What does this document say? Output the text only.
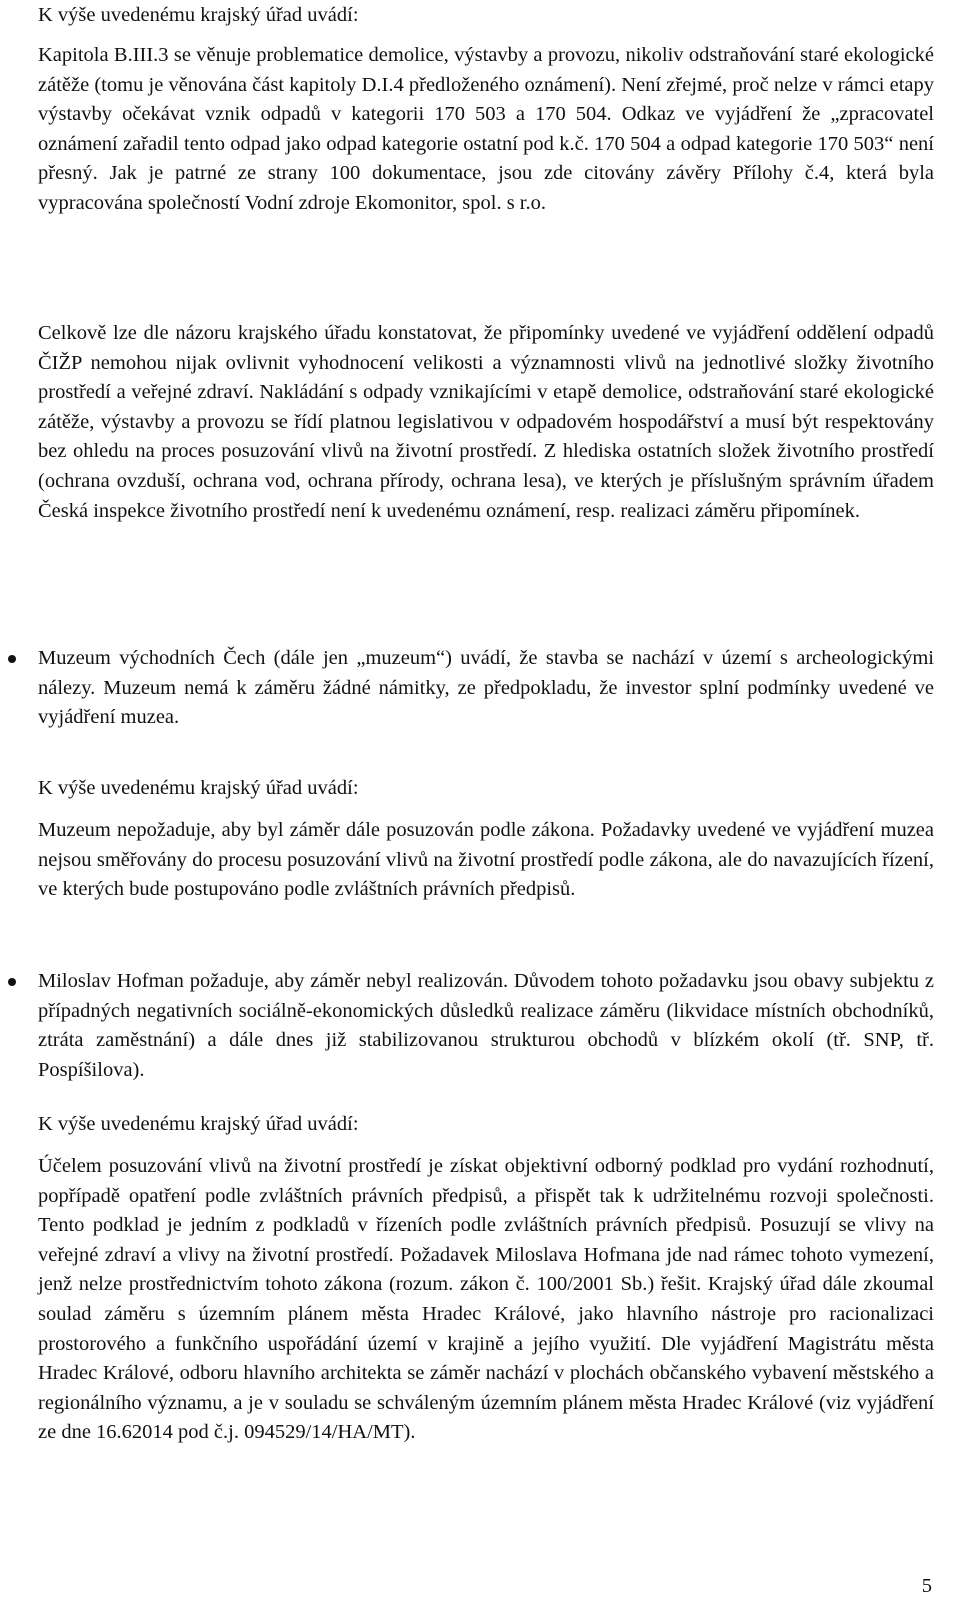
K výše uvedenému krajský úřad uvádí:

Kapitola B.III.3 se věnuje problematice demolice, výstavby a provozu, nikoliv odstraňování staré ekologické zátěže (tomu je věnována část kapitoly D.I.4 předloženého oznámení). Není zřejmé, proč nelze v rámci etapy výstavby očekávat vznik odpadů v kategorii 170 503 a 170 504. Odkaz ve vyjádření že „zpracovatel oznámení zařadil tento odpad jako odpad kategorie ostatní pod k.č. 170 504 a odpad kategorie 170 503“ není přesný. Jak je patrné ze strany 100 dokumentace, jsou zde citovány závěry Přílohy č.4, která byla vypracována společností Vodní zdroje Ekomonitor, spol. s r.o.

Celkově lze dle názoru krajského úřadu konstatovat, že připomínky uvedené ve vyjádření oddělení odpadů ČIŽP nemohou nijak ovlivnit vyhodnocení velikosti a významnosti vlivů na jednotlivé složky životního prostředí a veřejné zdraví. Nakládání s odpady vznikajícími v etapě demolice, odstraňování staré ekologické zátěže, výstavby a provozu se řídí platnou legislativou v odpadovém hospodářství a musí být respektovány bez ohledu na proces posuzování vlivů na životní prostředí. Z hlediska ostatních složek životního prostředí (ochrana ovzduší, ochrana vod, ochrana přírody, ochrana lesa), ve kterých je příslušným správním úřadem Česká inspekce životního prostředí není k uvedenému oznámení, resp. realizaci záměru připomínek.

Muzeum východních Čech (dále jen „muzeum“) uvádí, že stavba se nachází v území s archeologickými nálezy. Muzeum nemá k záměru žádné námitky, ze předpokladu, že investor splní podmínky uvedené ve vyjádření muzea.

K výše uvedenému krajský úřad uvádí:

Muzeum nepožaduje, aby byl záměr dále posuzován podle zákona. Požadavky uvedené ve vyjádření muzea nejsou směřovány do procesu posuzování vlivů na životní prostředí podle zákona, ale do navazujících řízení, ve kterých bude postupováno podle zvláštních právních předpisů.

Miloslav Hofman požaduje, aby záměr nebyl realizován. Důvodem tohoto požadavku jsou obavy subjektu z případných negativních sociálně-ekonomických důsledků realizace záměru (likvidace místních obchodníků, ztráta zaměstnání) a dále dnes již stabilizovanou strukturou obchodů v blízkém okolí (tř. SNP, tř. Pospíšilova).

K výše uvedenému krajský úřad uvádí:

Účelem posuzování vlivů na životní prostředí je získat objektivní odborný podklad pro vydání rozhodnutí, popřípadě opatření podle zvláštních právních předpisů, a přispět tak k udržitelnému rozvoji společnosti. Tento podklad je jedním z podkladů v řízeních podle zvláštních právních předpisů. Posuzují se vlivy na veřejné zdraví a vlivy na životní prostředí. Požadavek Miloslava Hofmana jde nad rámec tohoto vymezení, jenž nelze prostřednictvím tohoto zákona (rozum. zákon č. 100/2001 Sb.) řešit. Krajský úřad dále zkoumal soulad záměru s územním plánem města Hradec Králové, jako hlavního nástroje pro racionalizaci prostorového a funkčního uspořádání území v krajině a jejího využití. Dle vyjádření Magistrátu města Hradec Králové, odboru hlavního architekta se záměr nachází v plochách občanského vybavení městského a regionálního významu, a je v souladu se schváleným územním plánem města Hradec Králové (viz vyjádření ze dne 16.62014 pod č.j. 094529/14/HA/MT).

5
